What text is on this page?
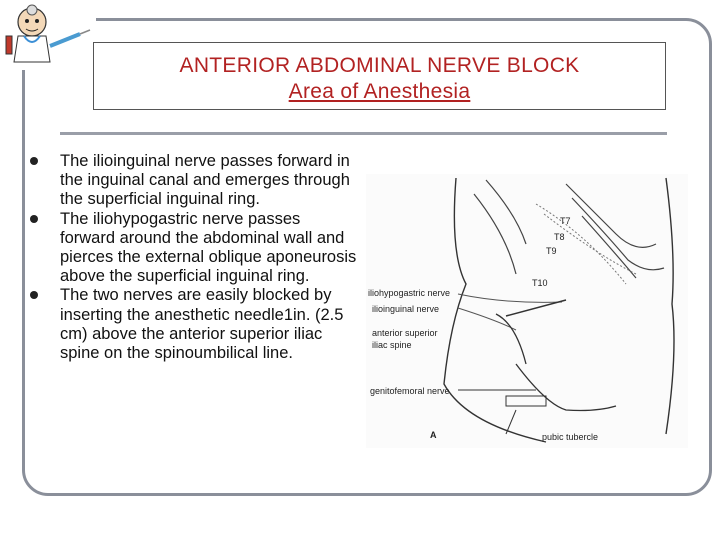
ANTERIOR ABDOMINAL NERVE BLOCK
Area of Anesthesia
The ilioinguinal nerve passes forward in the inguinal canal and emerges through the superficial inguinal ring.
The iliohypogastric nerve passes forward around the abdominal wall and pierces the external oblique aponeurosis above the superficial inguinal ring.
The two nerves are easily blocked by inserting the anesthetic needle1in. (2.5 cm) above the anterior superior iliac spine on the spinoumbilical line.
T7
T8
T9
T10
iliohypogastric nerve
ilioinguinal nerve
anterior superior
iliac spine
genitofemoral nerve
pubic tubercle
A
